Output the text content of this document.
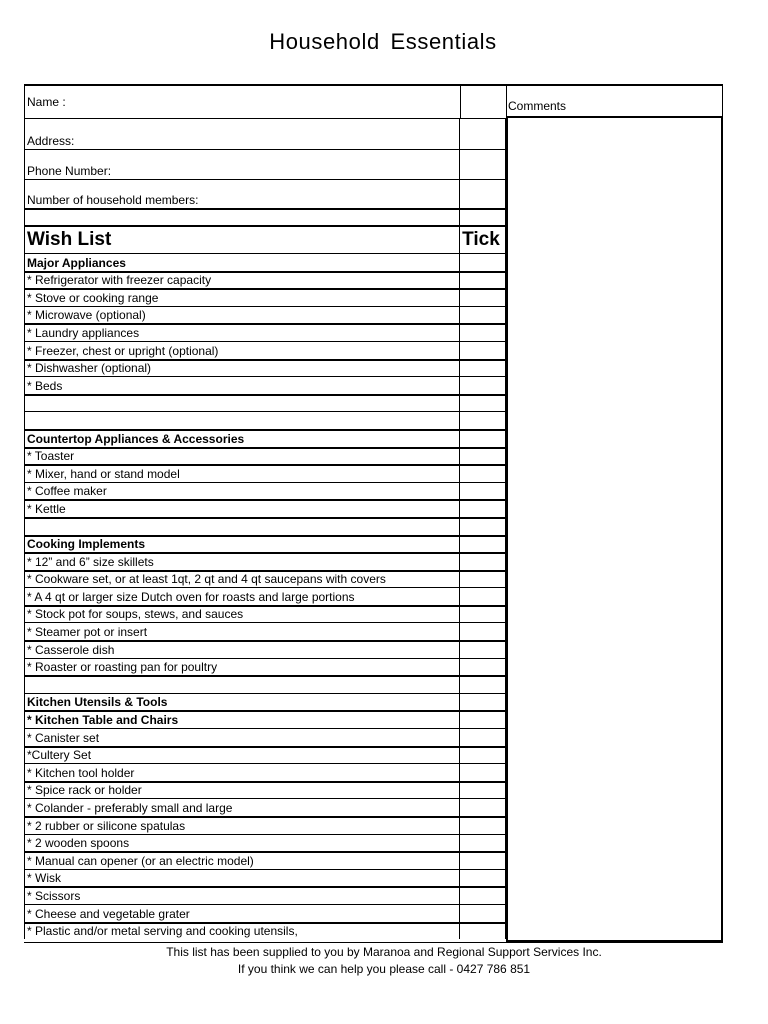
Household Essentials
Name :
Address:
Phone Number:
Number of household members:
Wish List	Tick
Major Appliances
* Refrigerator with freezer capacity
* Stove or cooking range
* Microwave (optional)
* Laundry appliances
* Freezer, chest or upright (optional)
* Dishwasher (optional)
* Beds
Countertop Appliances & Accessories
* Toaster
* Mixer, hand or stand model
* Coffee maker
* Kettle
Cooking Implements
* 12” and 6” size skillets
* Cookware set, or at least 1qt, 2 qt and 4 qt saucepans with covers
* A 4 qt or larger size Dutch oven for roasts and large portions
* Stock pot for soups, stews, and sauces
* Steamer pot or insert
* Casserole dish
* Roaster or roasting pan for poultry
Kitchen Utensils & Tools
* Kitchen Table and Chairs
* Canister set
*Cultery Set
* Kitchen tool holder
* Spice rack or holder
* Colander - preferably small and large
* 2 rubber or silicone spatulas
* 2 wooden spoons
* Manual can opener (or an electric model)
* Wisk
* Scissors
* Cheese and vegetable grater
* Plastic and/or metal serving and cooking utensils,
Comments
This list has been supplied to you by Maranoa and Regional Support Services Inc.
If you think we can help you please call - 0427 786 851
